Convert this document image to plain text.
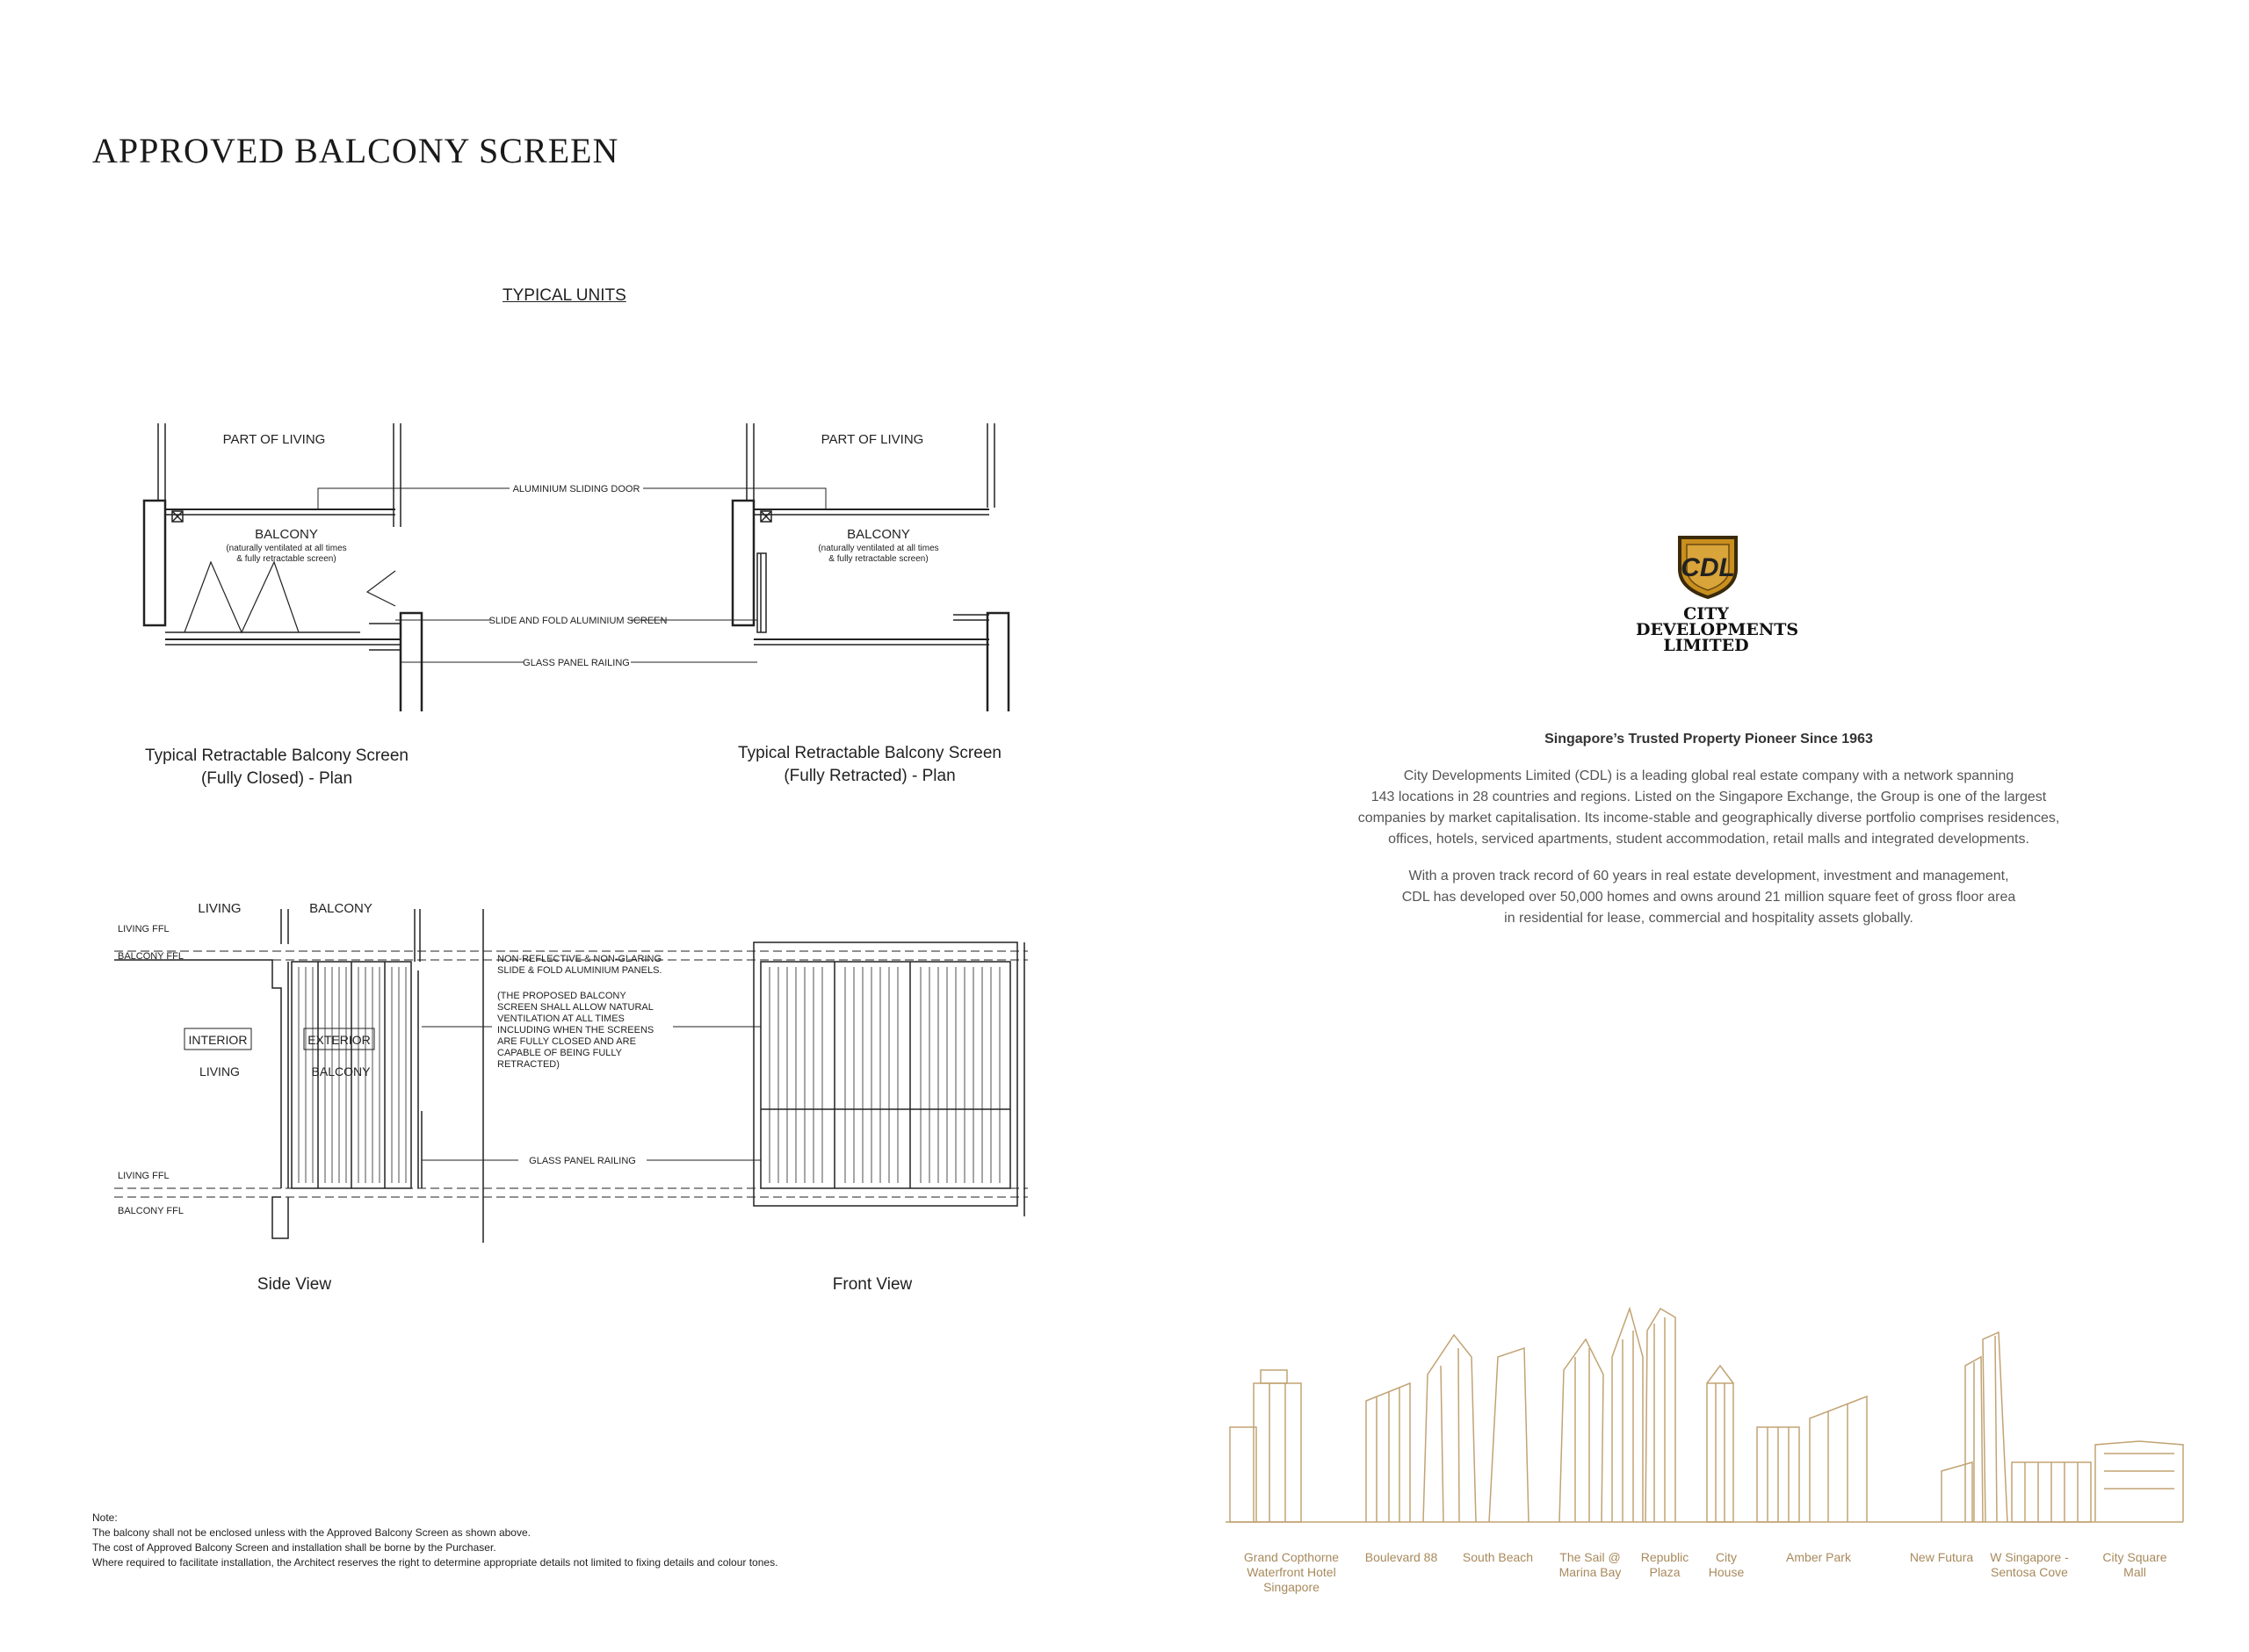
APPROVED BALCONY SCREEN
TYPICAL UNITS
PART OF LIVING	PART OF LIVING
BALCONY
(naturally ventilated at all times
& fully retractable screen)
BALCONY
(naturally ventilated at all times
& fully retractable screen)
ALUMINIUM SLIDING DOOR
SLIDE AND FOLD ALUMINIUM SCREEN
GLASS PANEL RAILING
Typical Retractable Balcony Screen
(Fully Closed) - Plan
Typical Retractable Balcony Screen
(Fully Retracted) - Plan
LIVING	BALCONY
LIVING FFL
BALCONY FFL
LIVING FFL
BALCONY FFL
INTERIOR	EXTERIOR
LIVING	BALCONY
NON-REFLECTIVE & NON-GLARING
SLIDE & FOLD ALUMINIUM PANELS.
(THE PROPOSED BALCONY
SCREEN SHALL ALLOW NATURAL
VENTILATION AT ALL TIMES
INCLUDING WHEN THE SCREENS
ARE FULLY CLOSED AND ARE
CAPABLE OF BEING FULLY
RETRACTED)
GLASS PANEL RAILING
Side View	Front View
Note:
The balcony shall not be enclosed unless with the Approved Balcony Screen as shown above.
The cost of Approved Balcony Screen and installation shall be borne by the Purchaser.
Where required to facilitate installation, the Architect reserves the right to determine appropriate details not limited to fixing details and colour tones.
CDL
CITY
DEVELOPMENTS
LIMITED
Singapore’s Trusted Property Pioneer Since 1963
City Developments Limited (CDL) is a leading global real estate company with a network spanning
143 locations in 28 countries and regions. Listed on the Singapore Exchange, the Group is one of the largest
companies by market capitalisation. Its income-stable and geographically diverse portfolio comprises residences,
offices, hotels, serviced apartments, student accommodation, retail malls and integrated developments.
With a proven track record of 60 years in real estate development, investment and management,
CDL has developed over 50,000 homes and owns around 21 million square feet of gross floor area
in residential for lease, commercial and hospitality assets globally.
Grand Copthorne
Waterfront Hotel
Singapore
Boulevard 88	South Beach	The Sail @
Marina Bay
Republic
Plaza
City
House
Amber Park	New Futura	W Singapore -
Sentosa Cove
City Square
Mall
